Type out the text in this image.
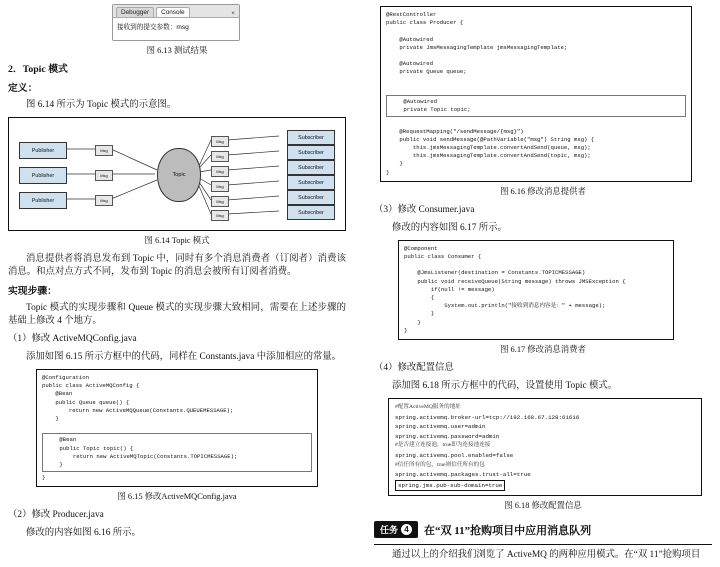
Debugger	Console	×
接收到的提交参数：msg
图 6.13 测试结果
2．Topic 模式
定义：

图 6.14 所示为 Topic 模式的示意图。

Publisher
Publisher
Publisher
Msg
Msg
Msg
Topic
Msg
Msg
Msg
Msg
Msg
Msg
Subscriber
Subscriber
Subscriber
Subscriber
Subscriber
Subscriber
图 6.14 Topic 模式

消息提供者将消息发布到 Topic 中，同时有多个消息消费者（订阅者）消费该消息。和点对点方式不同，发布到 Topic 的消息会被所有订阅者消费。

实现步骤：

Topic 模式的实现步骤和 Queue 模式的实现步骤大致相同，需要在上述步骤的基础上修改 4 个地方。

（1）修改 ActiveMQConfig.java

添加如图 6.15 所示方框中的代码，同样在 Constants.java 中添加相应的常量。

@Configuration
public class ActiveMQConfig {
@Bean
public Queue queue() {
return new ActiveMQQueue(Constants.QUEUEMESSAGE);
}

@Bean
public Topic topic() {
return new ActiveMQTopic(Constants.TOPICMESSAGE);
}
}
图 6.15 修改ActiveMQConfig.java

（2）修改 Producer.java

修改的内容如图 6.16 所示。

@RestController
public class Producer {

@Autowired
private JmsMessagingTemplate jmsMessagingTemplate;

@Autowired
private Queue queue;

@Autowired
private Topic topic;

@RequestMapping("/sendMessage/{msg}")
public void sendMessage(@PathVariable("msg") String msg) {
this.jmsMessagingTemplate.convertAndSend(queue, msg);
this.jmsMessagingTemplate.convertAndSend(topic, msg);
}
}
图 6.16 修改消息提供者

（3）修改 Consumer.java

修改的内容如图 6.17 所示。

@Component
public class Consumer {

@JmsListener(destination = Constants.TOPICMESSAGE)
public void receiveQueue(String message) throws JMSException {
if(null != message)
{
System.out.println("接收到消息内容是：" + message);
}
}
}
图 6.17 修改消息消费者

（4）修改配置信息

添加图 6.18 所示方框中的代码，设置使用 Topic 模式。

#配置ActiveMQ服务的地址
spring.activemq.broker-url=tcp://192.168.67.128:61616
spring.activemq.user=admin
spring.activemq.password=admin
#是否建立连接池，true即为连接池连接
spring.activemq.pool.enabled=false
#信任所有的包，true则信任所有的包
spring.activemq.packages.trust-all=true
spring.jms.pub-sub-domain=true
图 6.18 修改配置信息
任务 4 在“双 11”抢购项目中应用消息队列

通过以上的介绍我们浏览了 ActiveMQ 的两种应用模式。在“双 11”抢购项目
